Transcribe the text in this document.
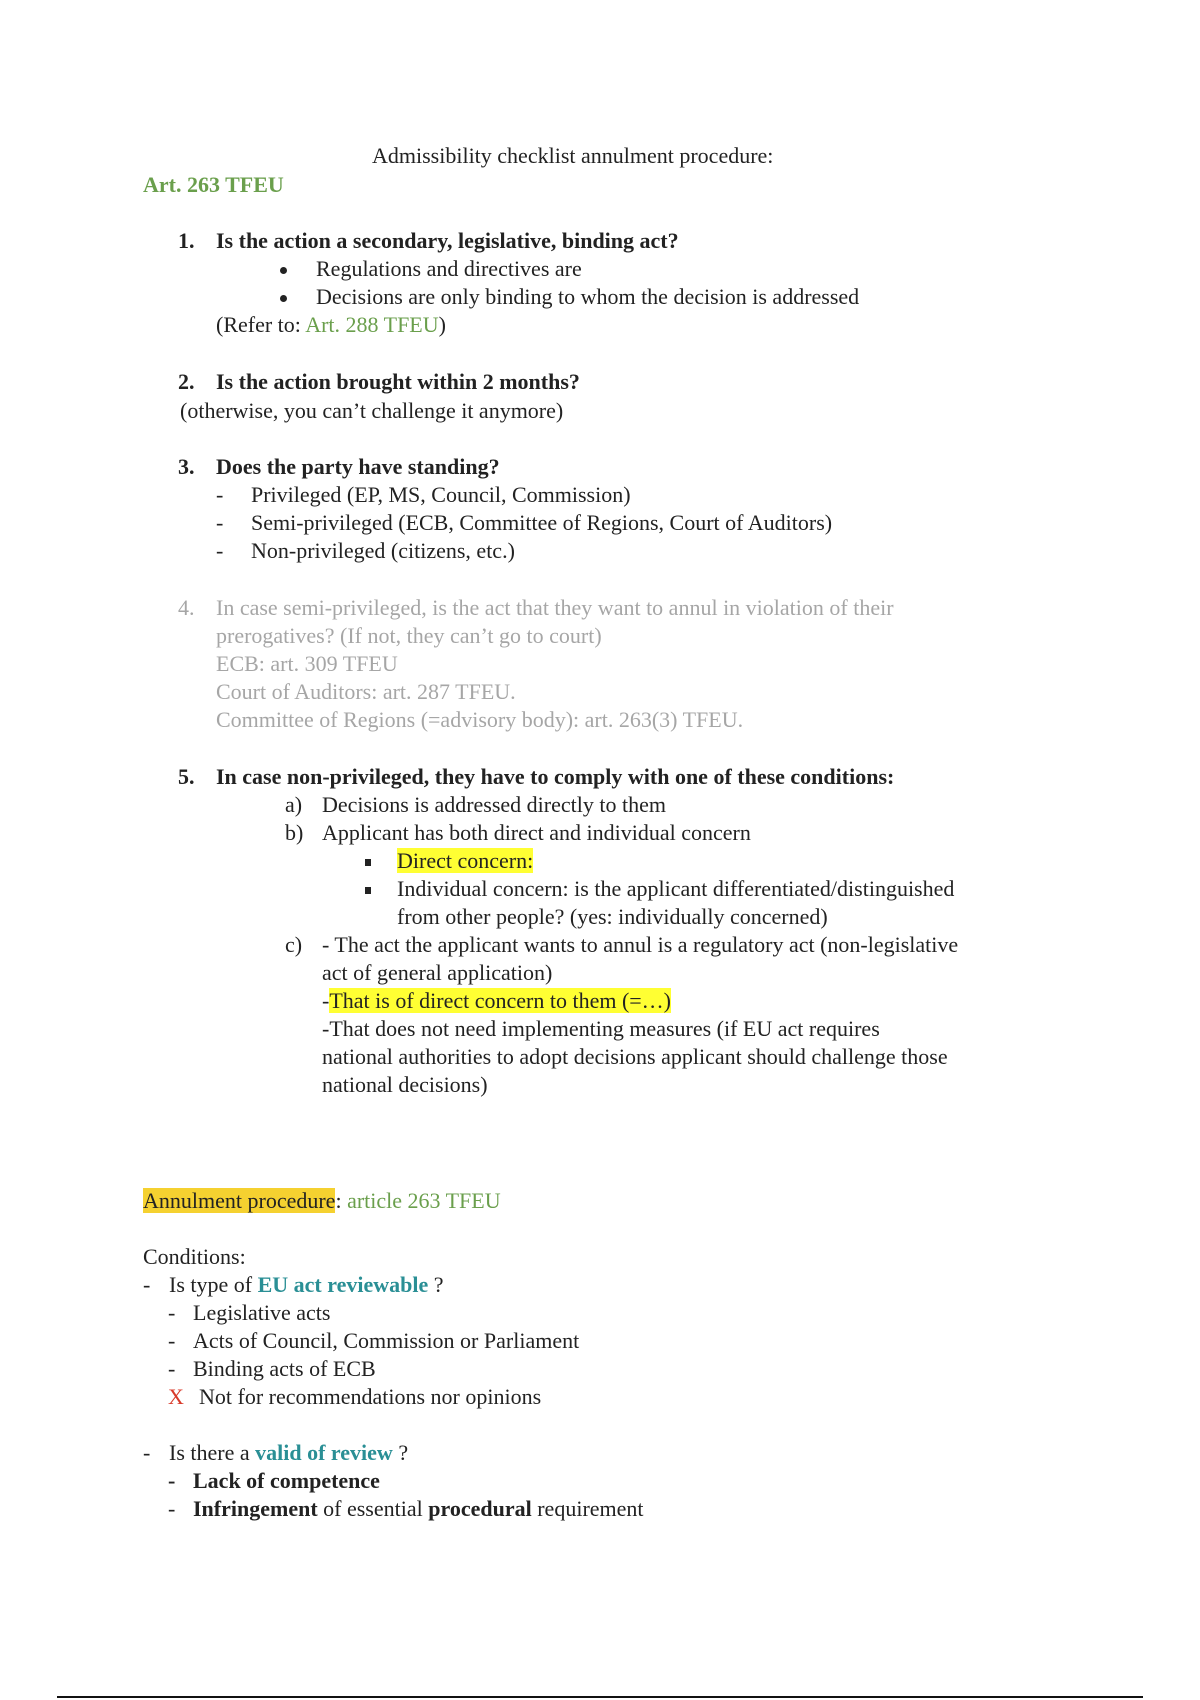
Admissibility checklist annulment procedure:
Art. 263 TFEU
1. Is the action a secondary, legislative, binding act?
Regulations and directives are
Decisions are only binding to whom the decision is addressed
(Refer to: Art. 288 TFEU)
2. Is the action brought within 2 months?
(otherwise, you can’t challenge it anymore)
3. Does the party have standing?
- Privileged (EP, MS, Council, Commission)
- Semi-privileged (ECB, Committee of Regions, Court of Auditors)
- Non-privileged (citizens, etc.)
4. In case semi-privileged, is the act that they want to annul in violation of their
prerogatives? (If not, they can’t go to court)
ECB: art. 309 TFEU
Court of Auditors: art. 287 TFEU.
Committee of Regions (=advisory body): art. 263(3) TFEU.
5. In case non-privileged, they have to comply with one of these conditions:
a) Decisions is addressed directly to them
b) Applicant has both direct and individual concern
Direct concern:
Individual concern: is the applicant differentiated/distinguished
from other people? (yes: individually concerned)
c) - The act the applicant wants to annul is a regulatory act (non-legislative
act of general application)
-That is of direct concern to them (=…)
-That does not need implementing measures (if EU act requires
national authorities to adopt decisions applicant should challenge those
national decisions)
Annulment procedure: article 263 TFEU
Conditions:
- Is type of EU act reviewable ?
- Legislative acts
- Acts of Council, Commission or Parliament
- Binding acts of ECB
X Not for recommendations nor opinions
- Is there a valid of review ?
- Lack of competence
- Infringement of essential procedural requirement
